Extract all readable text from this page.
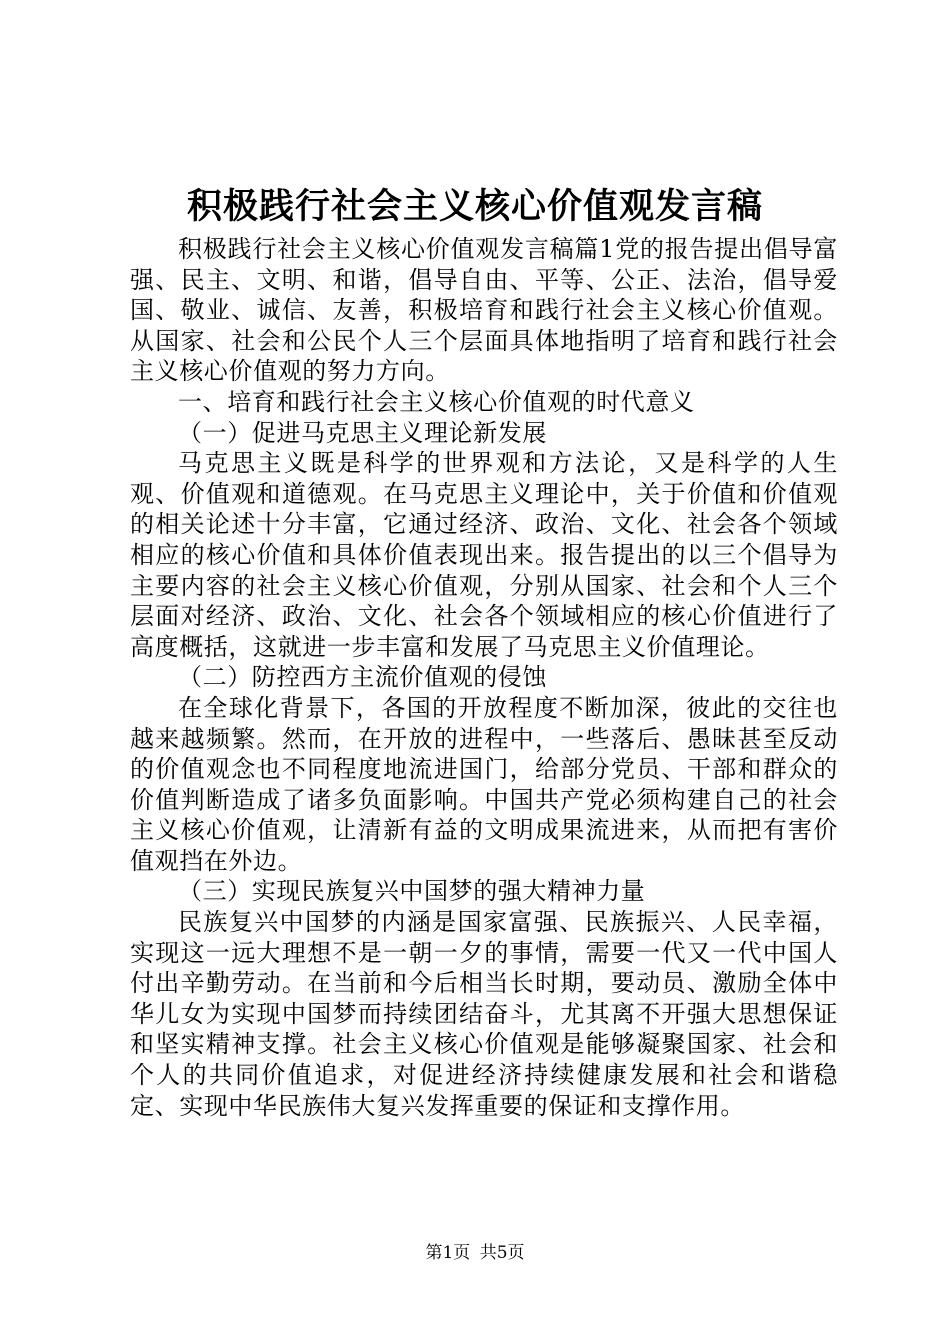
积极践行社会主义核心价值观发言稿

积极践行社会主义核心价值观发言稿篇1党的报告提出倡导富强、民主、文明、和谐，倡导自由、平等、公正、法治，倡导爱国、敬业、诚信、友善，积极培育和践行社会主义核心价值观。从国家、社会和公民个人三个层面具体地指明了培育和践行社会主义核心价值观的努力方向。

一、培育和践行社会主义核心价值观的时代意义

（一）促进马克思主义理论新发展

马克思主义既是科学的世界观和方法论，又是科学的人生观、价值观和道德观。在马克思主义理论中，关于价值和价值观的相关论述十分丰富，它通过经济、政治、文化、社会各个领域相应的核心价值和具体价值表现出来。报告提出的以三个倡导为主要内容的社会主义核心价值观，分别从国家、社会和个人三个层面对经济、政治、文化、社会各个领域相应的核心价值进行了高度概括，这就进一步丰富和发展了马克思主义价值理论。

（二）防控西方主流价值观的侵蚀

在全球化背景下，各国的开放程度不断加深，彼此的交往也越来越频繁。然而，在开放的进程中，一些落后、愚昧甚至反动的价值观念也不同程度地流进国门，给部分党员、干部和群众的价值判断造成了诸多负面影响。中国共产党必须构建自己的社会主义核心价值观，让清新有益的文明成果流进来，从而把有害价值观挡在外边。

（三）实现民族复兴中国梦的强大精神力量

民族复兴中国梦的内涵是国家富强、民族振兴、人民幸福，实现这一远大理想不是一朝一夕的事情，需要一代又一代中国人付出辛勤劳动。在当前和今后相当长时期，要动员、激励全体中华儿女为实现中国梦而持续团结奋斗，尤其离不开强大思想保证和坚实精神支撑。社会主义核心价值观是能够凝聚国家、社会和个人的共同价值追求，对促进经济持续健康发展和社会和谐稳定、实现中华民族伟大复兴发挥重要的保证和支撑作用。

第1页 共5页
